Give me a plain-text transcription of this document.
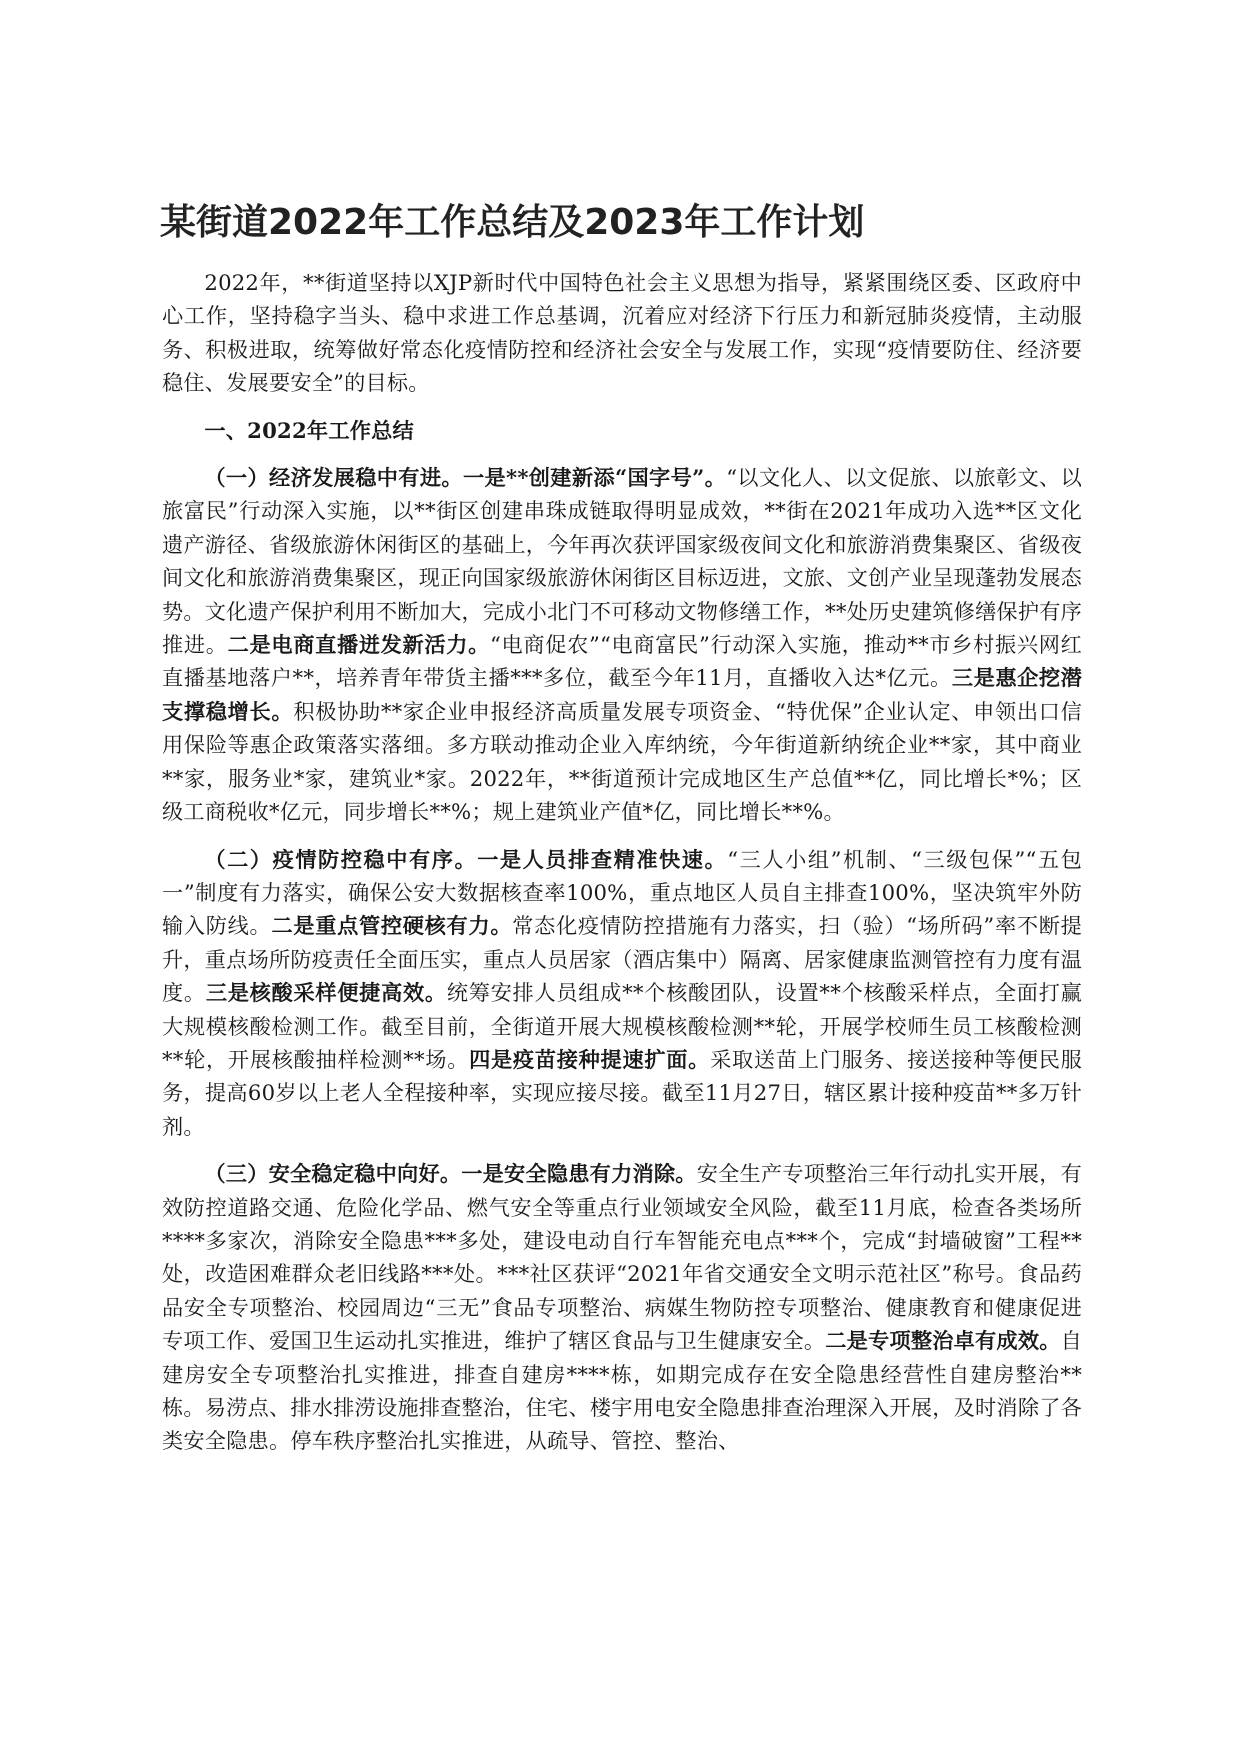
某街道2022年工作总结及2023年工作计划

2022年，**街道坚持以XJP新时代中国特色社会主义思想为指导，紧紧围绕区委、区政府中心工作，坚持稳字当头、稳中求进工作总基调，沉着应对经济下行压力和新冠肺炎疫情，主动服务、积极进取，统筹做好常态化疫情防控和经济社会安全与发展工作，实现“疫情要防住、经济要稳住、发展要安全”的目标。

一、2022年工作总结

（一）经济发展稳中有进。一是**创建新添“国字号”。“以文化人、以文促旅、以旅彰文、以旅富民”行动深入实施，以**街区创建串珠成链取得明显成效，**街在2021年成功入选**区文化遗产游径、省级旅游休闲街区的基础上，今年再次获评国家级夜间文化和旅游消费集聚区、省级夜间文化和旅游消费集聚区，现正向国家级旅游休闲街区目标迈进，文旅、文创产业呈现蓬勃发展态势。文化遗产保护利用不断加大，完成小北门不可移动文物修缮工作，**处历史建筑修缮保护有序推进。二是电商直播迸发新活力。“电商促农”“电商富民”行动深入实施，推动**市乡村振兴网红直播基地落户**，培养青年带货主播***多位，截至今年11月，直播收入达*亿元。三是惠企挖潜支撑稳增长。积极协助**家企业申报经济高质量发展专项资金、“特优保”企业认定、申领出口信用保险等惠企政策落实落细。多方联动推动企业入库纳统，今年街道新纳统企业**家，其中商业**家，服务业*家，建筑业*家。2022年，**街道预计完成地区生产总值**亿，同比增长*%；区级工商税收*亿元，同步增长**%；规上建筑业产值*亿，同比增长**%。

（二）疫情防控稳中有序。一是人员排查精准快速。“三人小组”机制、“三级包保”“五包一”制度有力落实，确保公安大数据核查率100%，重点地区人员自主排查100%，坚决筑牢外防输入防线。二是重点管控硬核有力。常态化疫情防控措施有力落实，扫（验）“场所码”率不断提升，重点场所防疫责任全面压实，重点人员居家（酒店集中）隔离、居家健康监测管控有力度有温度。三是核酸采样便捷高效。统筹安排人员组成**个核酸团队，设置**个核酸采样点，全面打赢大规模核酸检测工作。截至目前，全街道开展大规模核酸检测**轮，开展学校师生员工核酸检测**轮，开展核酸抽样检测**场。四是疫苗接种提速扩面。采取送苗上门服务、接送接种等便民服务，提高60岁以上老人全程接种率，实现应接尽接。截至11月27日，辖区累计接种疫苗**多万针剂。

（三）安全稳定稳中向好。一是安全隐患有力消除。安全生产专项整治三年行动扎实开展，有效防控道路交通、危险化学品、燃气安全等重点行业领域安全风险，截至11月底，检查各类场所****多家次，消除安全隐患***多处，建设电动自行车智能充电点***个，完成“封墙破窗”工程**处，改造困难群众老旧线路***处。***社区获评“2021年省交通安全文明示范社区”称号。食品药品安全专项整治、校园周边“三无”食品专项整治、病媒生物防控专项整治、健康教育和健康促进专项工作、爱国卫生运动扎实推进，维护了辖区食品与卫生健康安全。二是专项整治卓有成效。自建房安全专项整治扎实推进，排查自建房****栋，如期完成存在安全隐患经营性自建房整治**栋。易涝点、排水排涝设施排查整治，住宅、楼宇用电安全隐患排查治理深入开展，及时消除了各类安全隐患。停车秩序整治扎实推进，从疏导、管控、整治、
